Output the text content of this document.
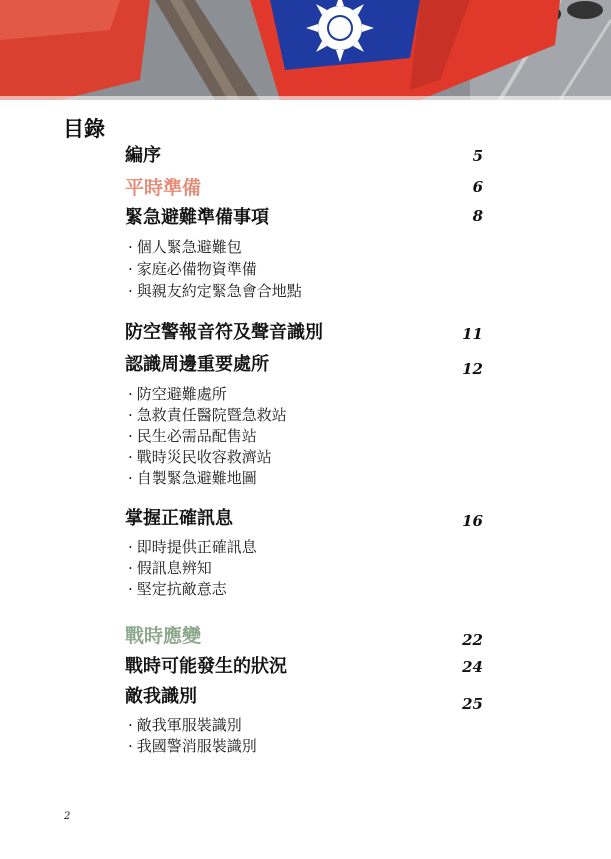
目錄
編序	5
平時準備	6
緊急避難準備事項	8
· 個人緊急避難包
· 家庭必備物資準備
· 與親友約定緊急會合地點
防空警報音符及聲音識別	11
認識周邊重要處所	12
· 防空避難處所
· 急救責任醫院暨急救站
· 民生必需品配售站
· 戰時災民收容救濟站
· 自製緊急避難地圖
掌握正確訊息	16
· 即時提供正確訊息
· 假訊息辨知
· 堅定抗敵意志
戰時應變	22
戰時可能發生的狀況	24
敵我識別	25
· 敵我軍服裝識別
· 我國警消服裝識別
2
